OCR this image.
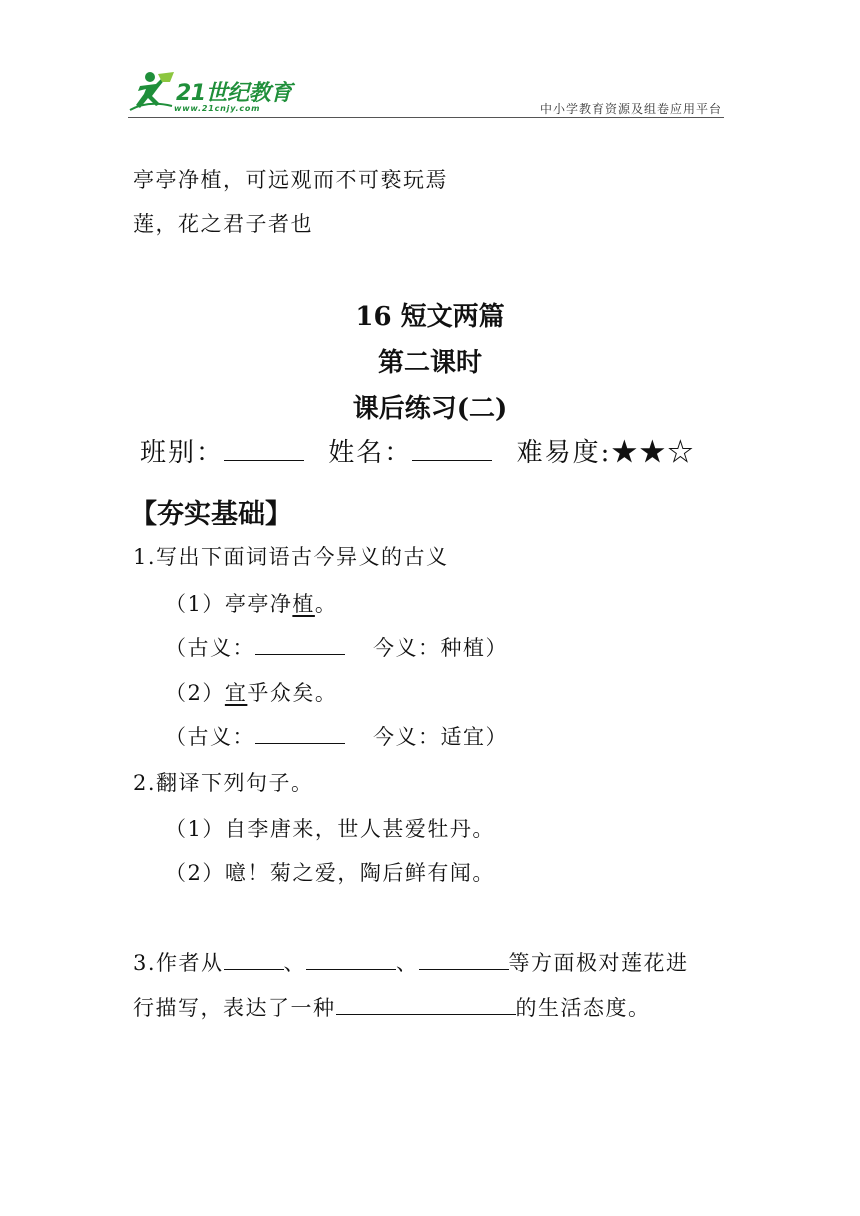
21世纪教育
www.21cnjy.com	中小学教育资源及组卷应用平台
亭亭净植，可远观而不可亵玩焉
莲，花之君子者也
16 短文两篇
第二课时
课后练习(二)
班别：	姓名：	难易度:★★☆
【夯实基础】
1.写出下面词语古今异义的古义
（1）亭亭净植。
（古义：	今义：种植）
（2）宜乎众矣。
（古义：	今义：适宜）
2.翻译下列句子。
（1）自李唐来，世人甚爱牡丹。
（2）噫！菊之爱，陶后鲜有闻。
3.作者从	、	、	等方面极对莲花进
行描写，表达了一种	的生活态度。
